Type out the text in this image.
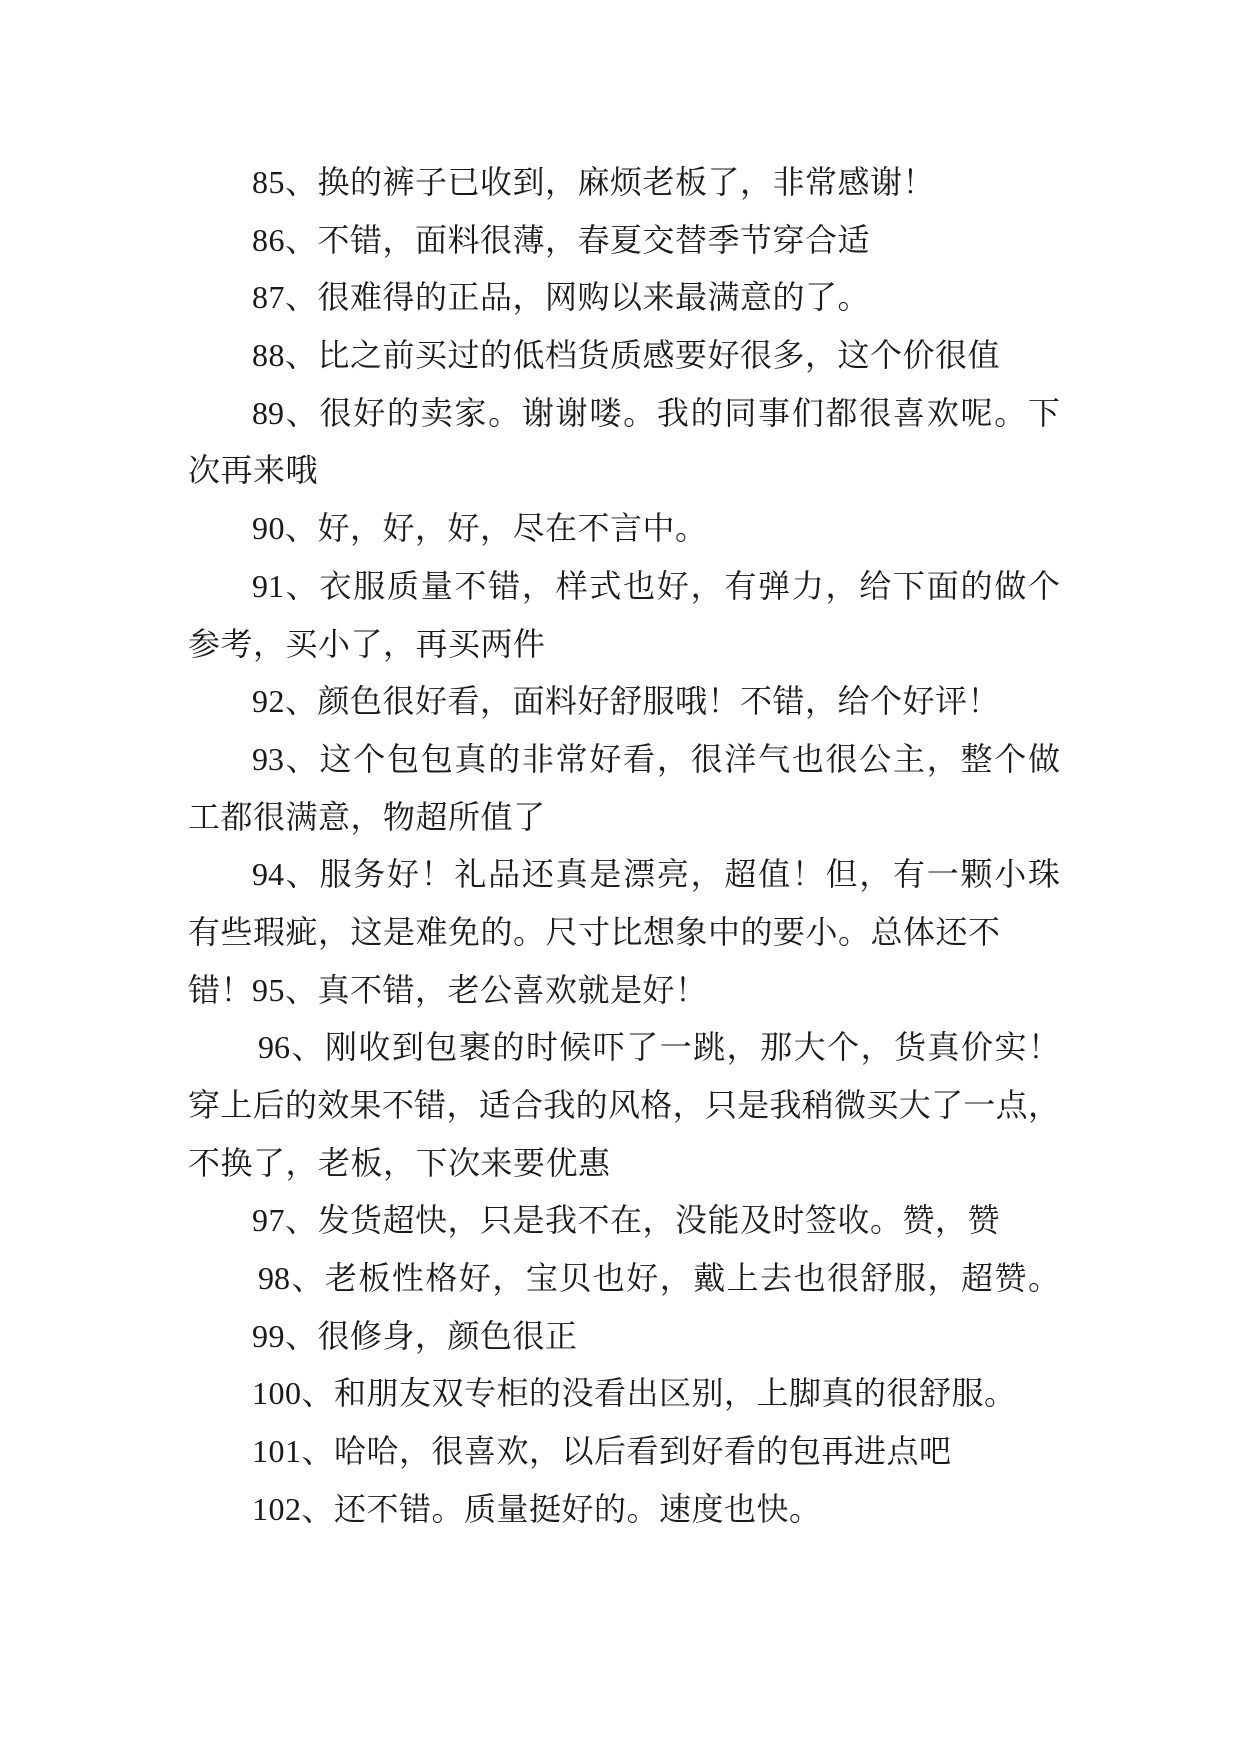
85、换的裤子已收到，麻烦老板了，非常感谢！
86、不错，面料很薄，春夏交替季节穿合适
87、很难得的正品，网购以来最满意的了。
88、比之前买过的低档货质感要好很多，这个价很值
89、很好的卖家。谢谢喽。我的同事们都很喜欢呢。下
次再来哦
90、好，好，好，尽在不言中。
91、衣服质量不错，样式也好，有弹力，给下面的做个
参考，买小了，再买两件
92、颜色很好看，面料好舒服哦！不错，给个好评！
93、这个包包真的非常好看，很洋气也很公主，整个做
工都很满意，物超所值了
94、服务好！礼品还真是漂亮，超值！但，有一颗小珠
有些瑕疵，这是难免的。尺寸比想象中的要小。总体还不错！
95、真不错，老公喜欢就是好！
96、刚收到包裹的时候吓了一跳，那大个，货真价实！
穿上后的效果不错，适合我的风格，只是我稍微买大了一点，
不换了，老板，下次来要优惠
97、发货超快，只是我不在，没能及时签收。赞，赞
98、老板性格好，宝贝也好，戴上去也很舒服，超赞。
99、很修身，颜色很正
100、和朋友双专柜的没看出区别，上脚真的很舒服。
101、哈哈，很喜欢，以后看到好看的包再进点吧
102、还不错。质量挺好的。速度也快。
